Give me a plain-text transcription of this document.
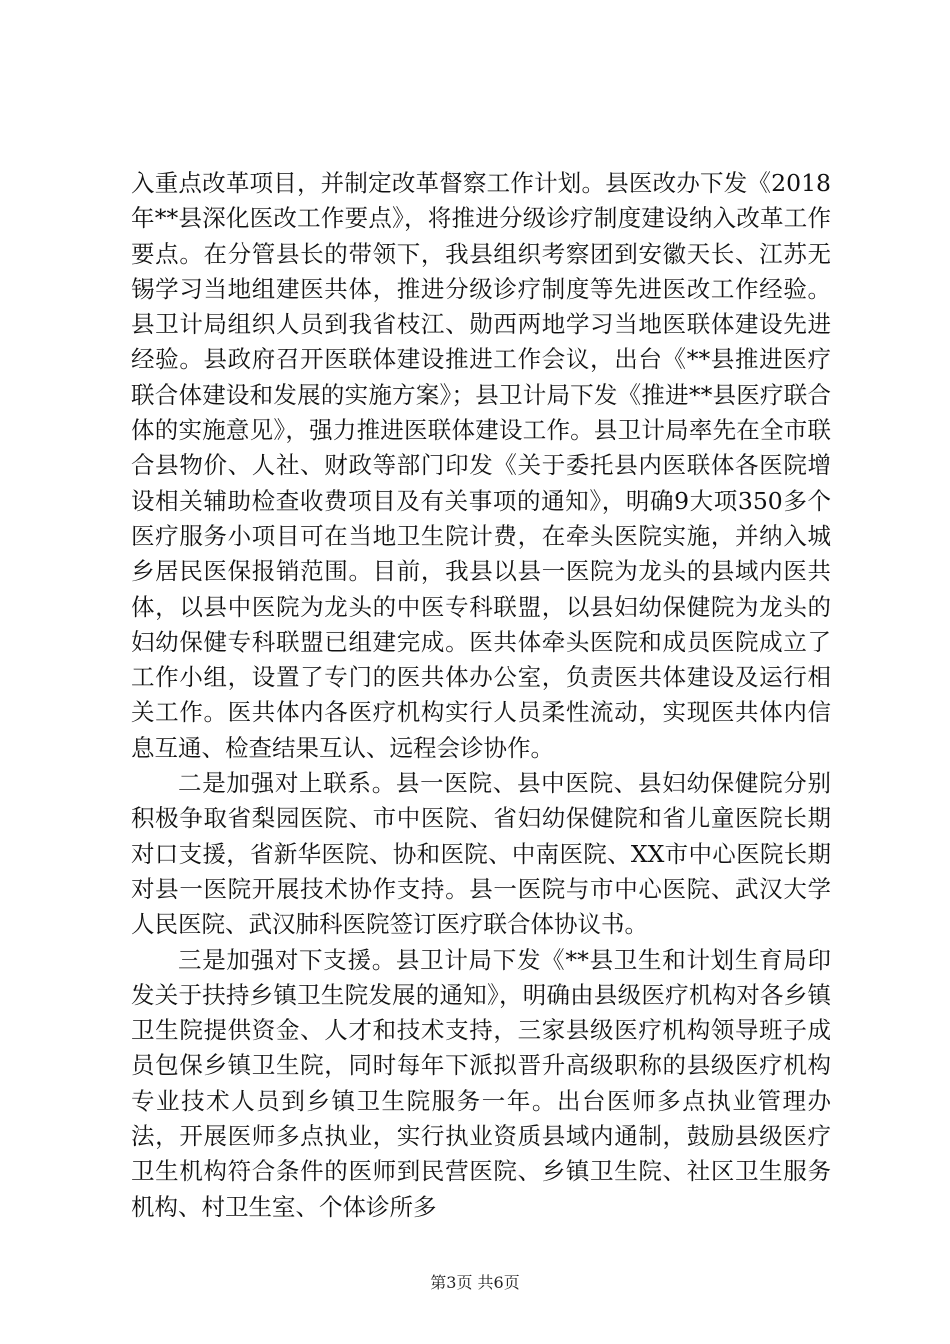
入重点改革项目，并制定改革督察工作计划。县医改办下发《2018年**县深化医改工作要点》，将推进分级诊疗制度建设纳入改革工作要点。在分管县长的带领下，我县组织考察团到安徽天长、江苏无锡学习当地组建医共体，推进分级诊疗制度等先进医改工作经验。县卫计局组织人员到我省枝江、勋西两地学习当地医联体建设先进经验。县政府召开医联体建设推进工作会议，出台《**县推进医疗联合体建设和发展的实施方案》；县卫计局下发《推进**县医疗联合体的实施意见》，强力推进医联体建设工作。县卫计局率先在全市联合县物价、人社、财政等部门印发《关于委托县内医联体各医院增设相关辅助检查收费项目及有关事项的通知》，明确9大项350多个医疗服务小项目可在当地卫生院计费，在牵头医院实施，并纳入城乡居民医保报销范围。目前，我县以县一医院为龙头的县域内医共体，以县中医院为龙头的中医专科联盟，以县妇幼保健院为龙头的妇幼保健专科联盟已组建完成。医共体牵头医院和成员医院成立了工作小组，设置了专门的医共体办公室，负责医共体建设及运行相关工作。医共体内各医疗机构实行人员柔性流动，实现医共体内信息互通、检查结果互认、远程会诊协作。

二是加强对上联系。县一医院、县中医院、县妇幼保健院分别积极争取省梨园医院、市中医院、省妇幼保健院和省儿童医院长期对口支援，省新华医院、协和医院、中南医院、XX市中心医院长期对县一医院开展技术协作支持。县一医院与市中心医院、武汉大学人民医院、武汉肺科医院签订医疗联合体协议书。

三是加强对下支援。县卫计局下发《**县卫生和计划生育局印发关于扶持乡镇卫生院发展的通知》，明确由县级医疗机构对各乡镇卫生院提供资金、人才和技术支持，三家县级医疗机构领导班子成员包保乡镇卫生院，同时每年下派拟晋升高级职称的县级医疗机构专业技术人员到乡镇卫生院服务一年。出台医师多点执业管理办法，开展医师多点执业，实行执业资质县域内通制，鼓励县级医疗卫生机构符合条件的医师到民营医院、乡镇卫生院、社区卫生服务机构、村卫生室、个体诊所多

第3页 共6页
